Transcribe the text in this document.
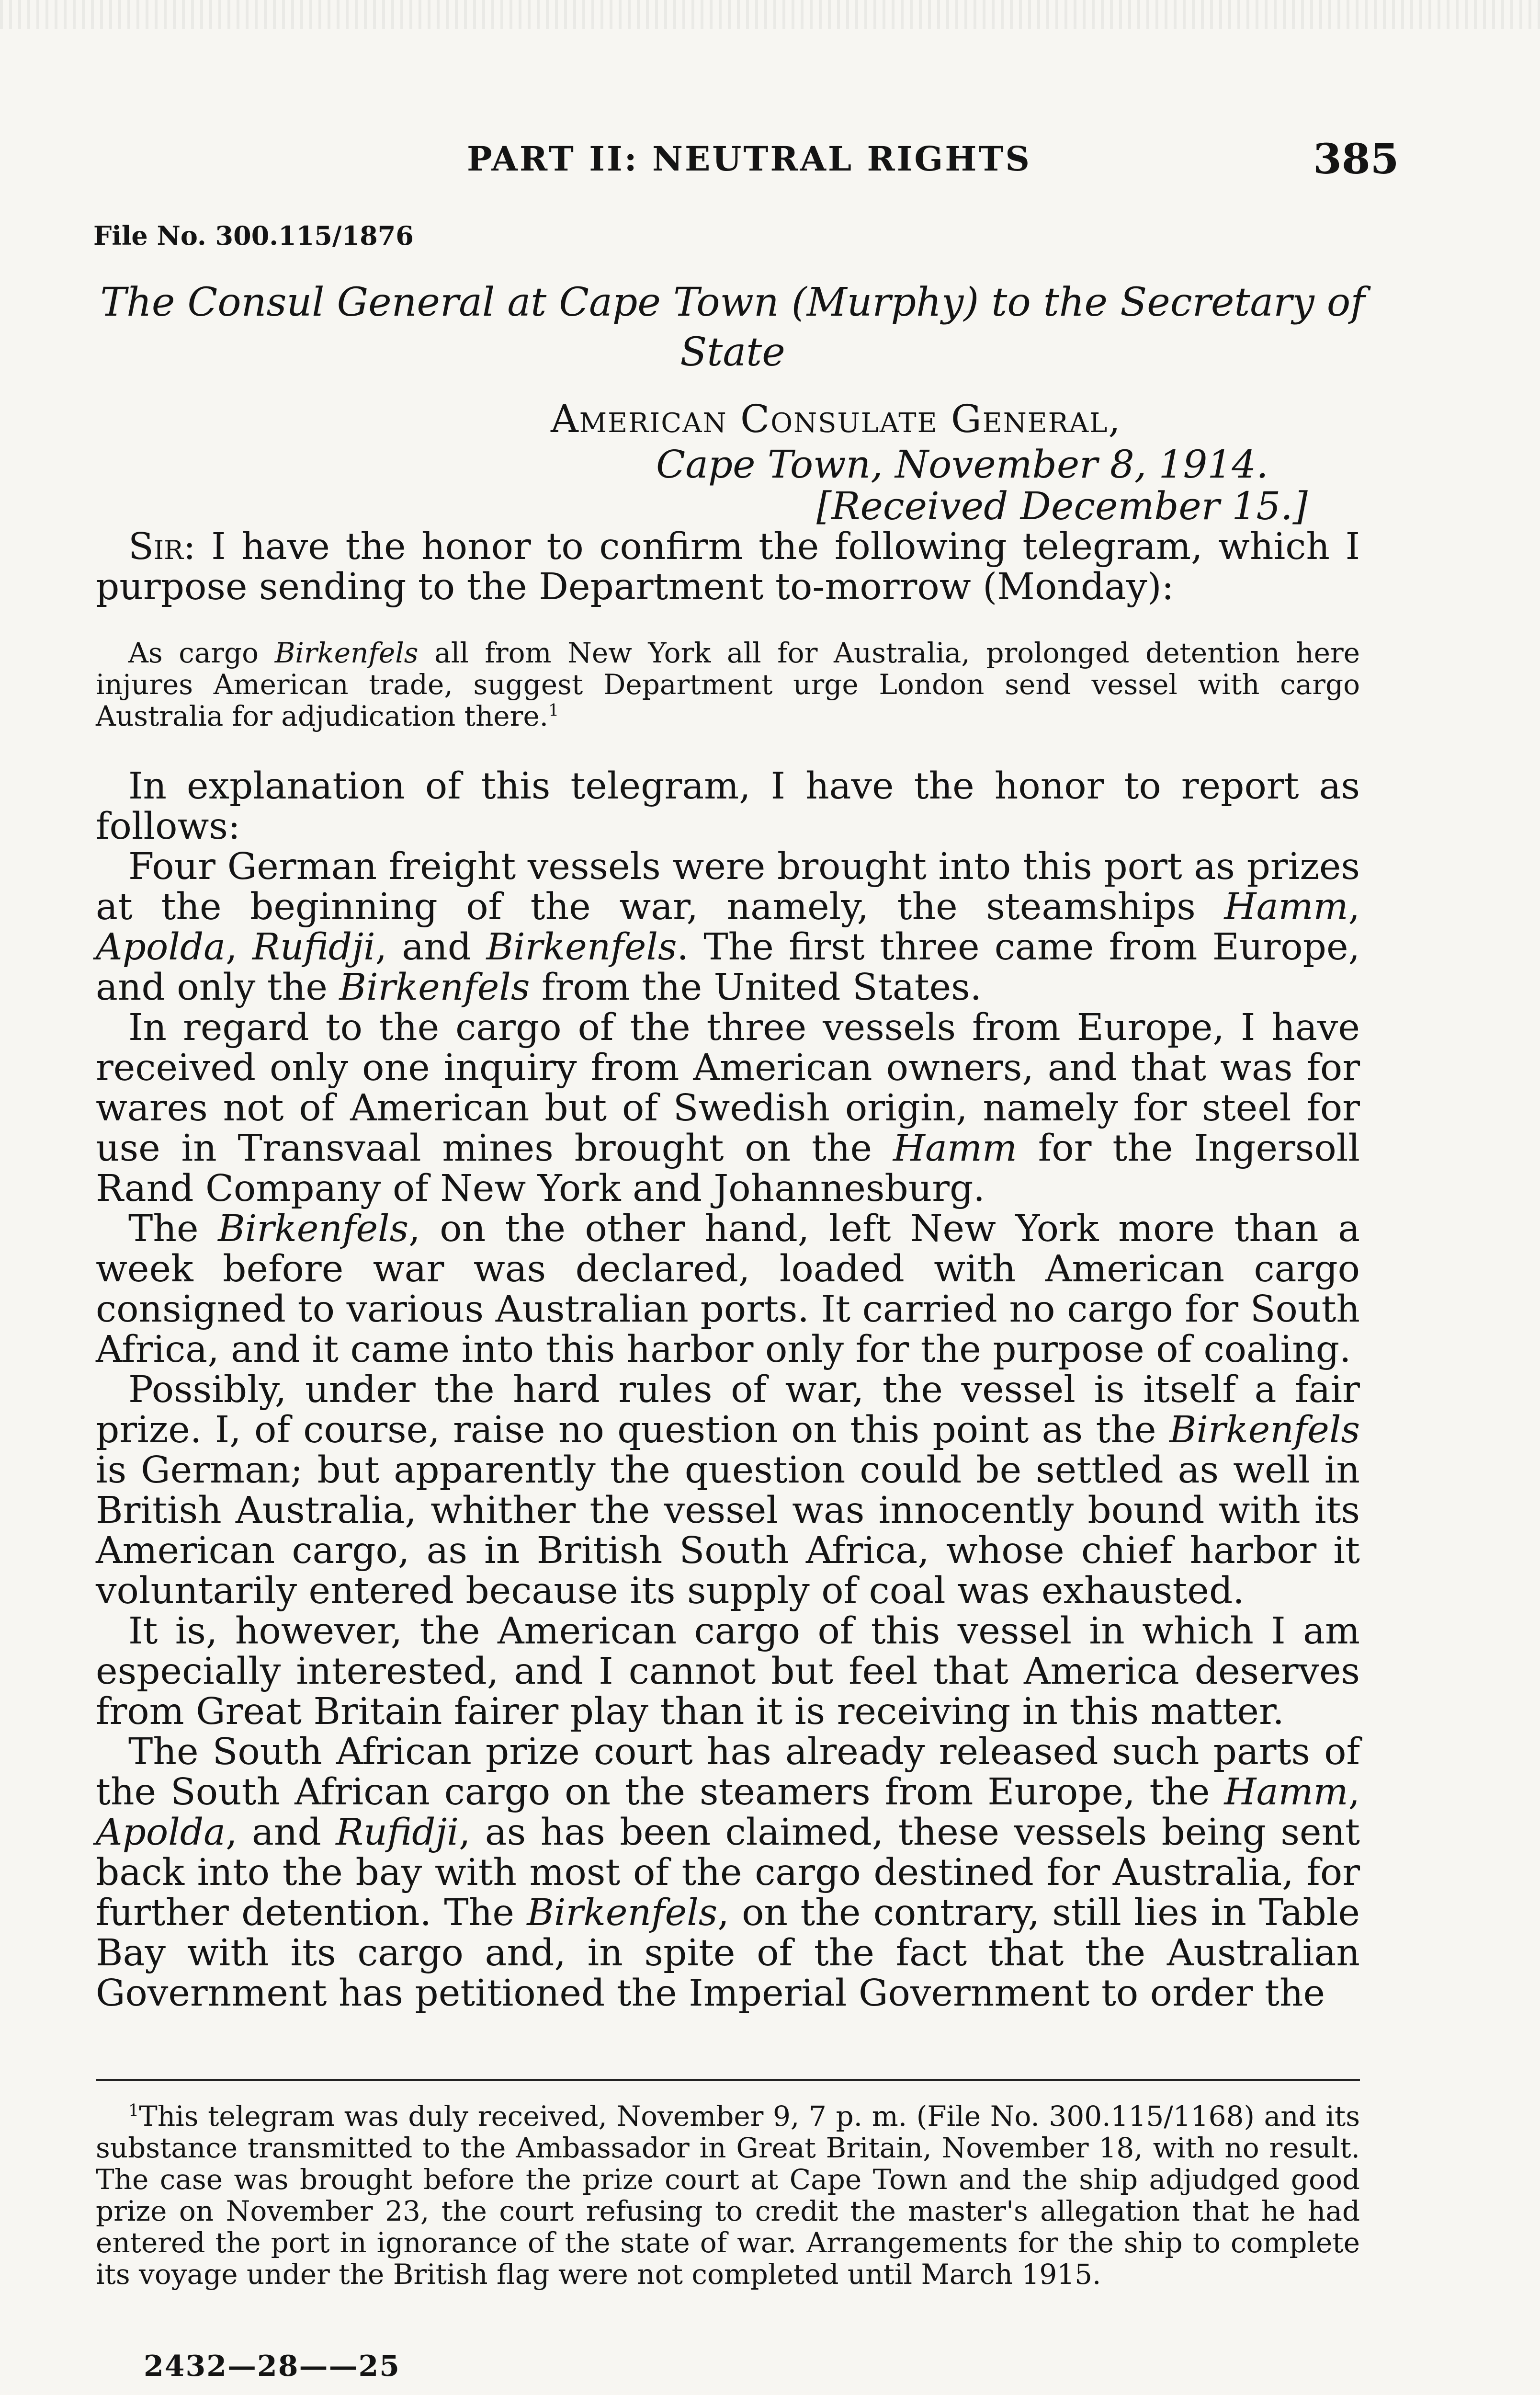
PART II: NEUTRAL RIGHTS	385
File No. 300.115/1876
The Consul General at Cape Town (Murphy) to the Secretary of State
American Consulate General,
Cape Town, November 8, 1914.
[Received December 15.]

Sir: I have the honor to confirm the following telegram, which I purpose sending to the Department to-morrow (Monday):

As cargo Birkenfels all from New York all for Australia, prolonged detention here injures American trade, suggest Department urge London send vessel with cargo Australia for adjudication there.$^1$

In explanation of this telegram, I have the honor to report as follows:

Four German freight vessels were brought into this port as prizes at the beginning of the war, namely, the steamships Hamm, Apolda, Rufidji, and Birkenfels. The first three came from Europe, and only the Birkenfels from the United States.

In regard to the cargo of the three vessels from Europe, I have received only one inquiry from American owners, and that was for wares not of American but of Swedish origin, namely for steel for use in Transvaal mines brought on the Hamm for the Ingersoll Rand Company of New York and Johannesburg.

The Birkenfels, on the other hand, left New York more than a week before war was declared, loaded with American cargo consigned to various Australian ports. It carried no cargo for South Africa, and it came into this harbor only for the purpose of coaling.

Possibly, under the hard rules of war, the vessel is itself a fair prize. I, of course, raise no question on this point as the Birkenfels is German; but apparently the question could be settled as well in British Australia, whither the vessel was innocently bound with its American cargo, as in British South Africa, whose chief harbor it voluntarily entered because its supply of coal was exhausted.

It is, however, the American cargo of this vessel in which I am especially interested, and I cannot but feel that America deserves from Great Britain fairer play than it is receiving in this matter.

The South African prize court has already released such parts of the South African cargo on the steamers from Europe, the Hamm, Apolda, and Rufidji, as has been claimed, these vessels being sent back into the bay with most of the cargo destined for Australia, for further detention. The Birkenfels, on the contrary, still lies in Table Bay with its cargo and, in spite of the fact that the Australian Government has petitioned the Imperial Government to order the

$^1$This telegram was duly received, November 9, 7 p. m. (File No. 300.115/1168) and its substance transmitted to the Ambassador in Great Britain, November 18, with no result. The case was brought before the prize court at Cape Town and the ship adjudged good prize on November 23, the court refusing to credit the master's allegation that he had entered the port in ignorance of the state of war. Arrangements for the ship to complete its voyage under the British flag were not completed until March 1915.

2432—28——25
